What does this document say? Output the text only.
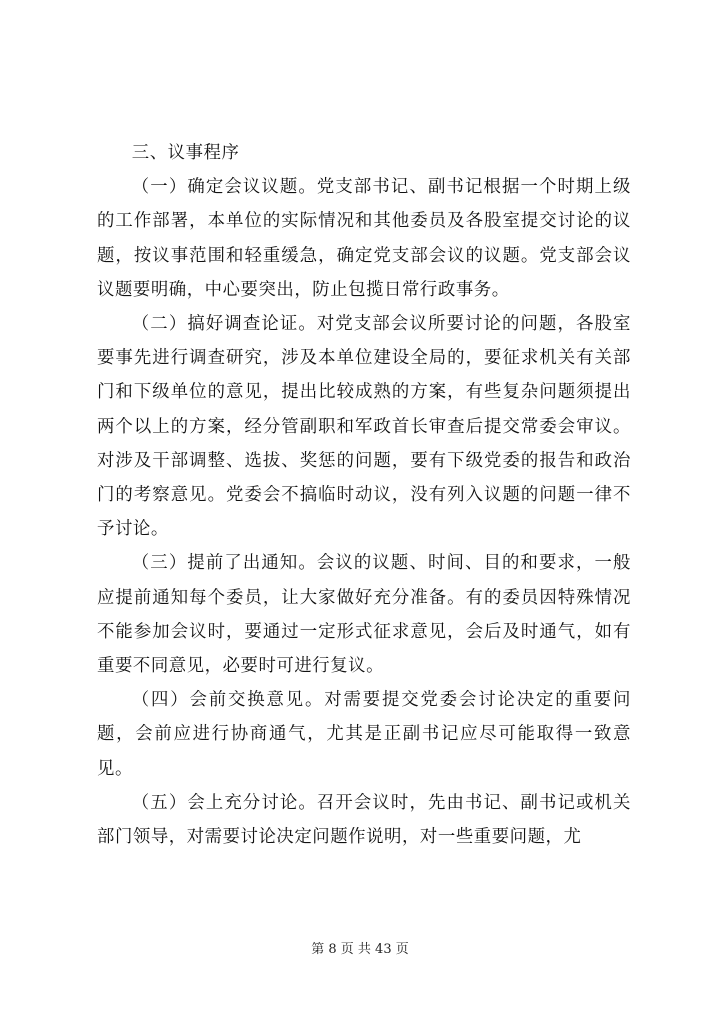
三、议事程序

（一）确定会议议题。党支部书记、副书记根据一个时期上级的工作部署，本单位的实际情况和其他委员及各股室提交讨论的议题，按议事范围和轻重缓急，确定党支部会议的议题。党支部会议议题要明确，中心要突出，防止包揽日常行政事务。

（二）搞好调查论证。对党支部会议所要讨论的问题，各股室要事先进行调查研究，涉及本单位建设全局的，要征求机关有关部门和下级单位的意见，提出比较成熟的方案，有些复杂问题须提出两个以上的方案，经分管副职和军政首长审查后提交常委会审议。对涉及干部调整、选拔、奖惩的问题，要有下级党委的报告和政治门的考察意见。党委会不搞临时动议，没有列入议题的问题一律不予讨论。

（三）提前了出通知。会议的议题、时间、目的和要求，一般应提前通知每个委员，让大家做好充分准备。有的委员因特殊情况不能参加会议时，要通过一定形式征求意见，会后及时通气，如有重要不同意见，必要时可进行复议。

（四）会前交换意见。对需要提交党委会讨论决定的重要问题，会前应进行协商通气，尤其是正副书记应尽可能取得一致意见。

（五）会上充分讨论。召开会议时，先由书记、副书记或机关部门领导，对需要讨论决定问题作说明，对一些重要问题，尤

第 8 页 共 43 页
